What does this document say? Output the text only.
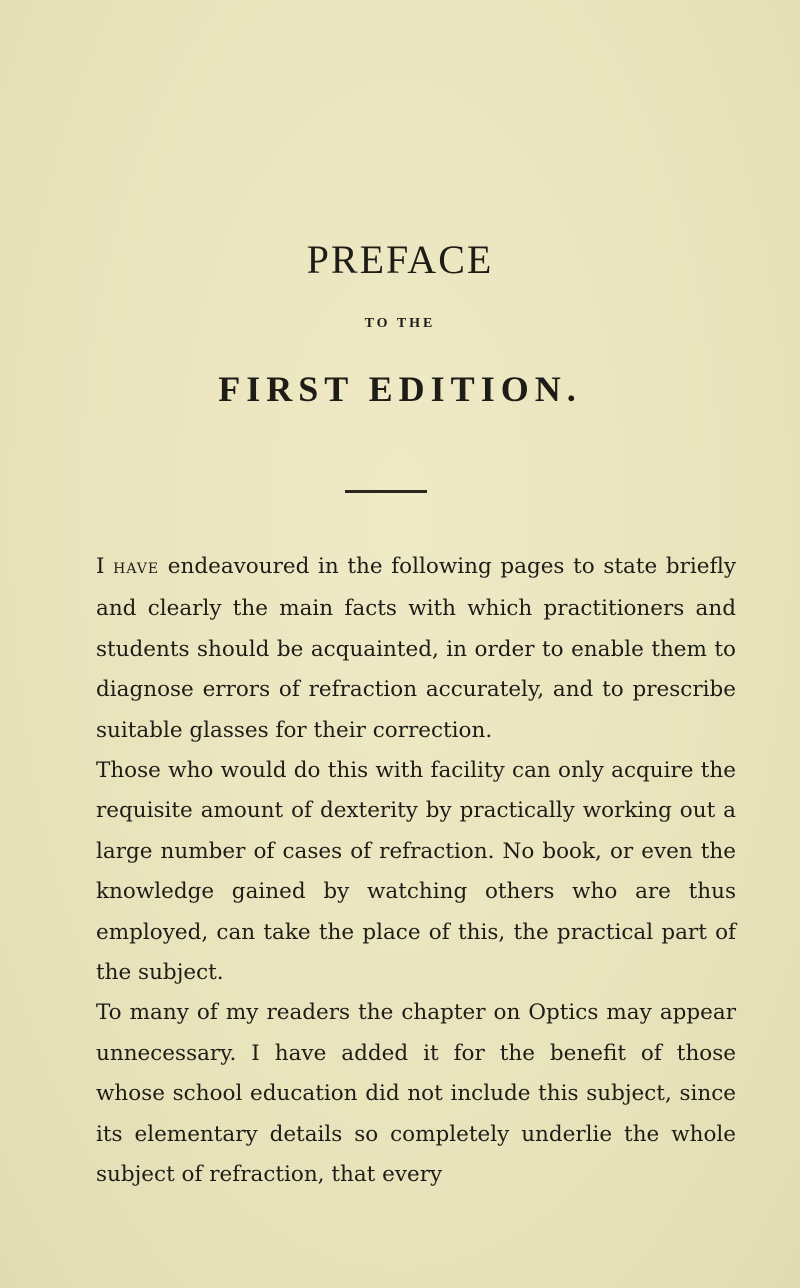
PREFACE
TO THE
FIRST EDITION.

I HAVE endeavoured in the following pages to state briefly and clearly the main facts with which practitioners and students should be acquainted, in order to enable them to diagnose errors of refraction accurately, and to prescribe suitable glasses for their correction.

Those who would do this with facility can only acquire the requisite amount of dexterity by practically working out a large number of cases of refraction. No book, or even the knowledge gained by watching others who are thus employed, can take the place of this, the practical part of the subject.

To many of my readers the chapter on Optics may appear unnecessary. I have added it for the benefit of those whose school education did not include this subject, since its elementary details so completely underlie the whole subject of refraction, that every
